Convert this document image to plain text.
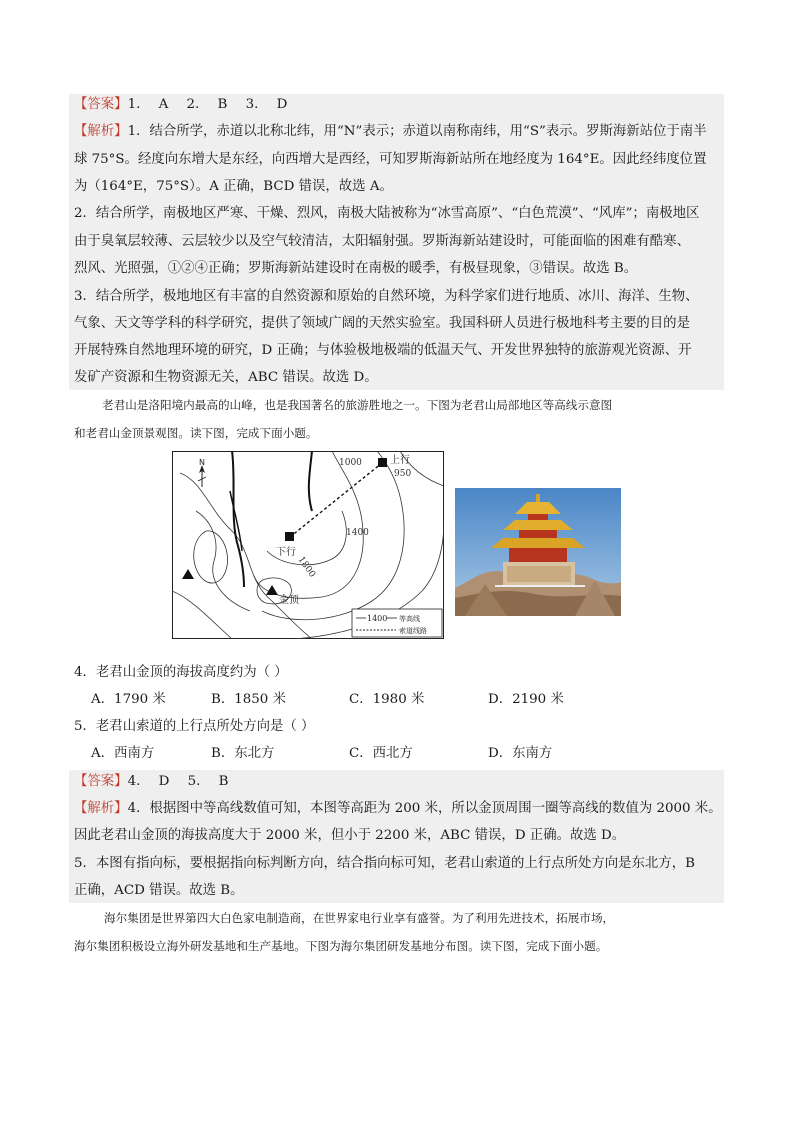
【答案】1. A 2. B 3. D
【解析】1．结合所学，赤道以北称北纬，用“N”表示；赤道以南称南纬，用“S”表示。罗斯海新站位于南半
球 75°S。经度向东增大是东经，向西增大是西经，可知罗斯海新站所在地经度为 164°E。因此经纬度位置
为（164°E，75°S）。A 正确，BCD 错误，故选 A。
2．结合所学，南极地区严寒、干燥、烈风，南极大陆被称为“冰雪高原”、“白色荒漠”、“风库”；南极地区
由于臭氧层较薄、云层较少以及空气较清洁，太阳辐射强。罗斯海新站建设时，可能面临的困难有酷寒、
烈风、光照强，①②④正确；罗斯海新站建设时在南极的暖季，有极昼现象，③错误。故选 B。
3．结合所学，极地地区有丰富的自然资源和原始的自然环境，为科学家们进行地质、冰川、海洋、生物、
气象、天文等学科的科学研究，提供了领域广阔的天然实验室。我国科研人员进行极地科考主要的目的是
开展特殊自然地理环境的研究，D 正确；与体验极地极端的低温天气、开发世界独特的旅游观光资源、开
发矿产资源和生物资源无关，ABC 错误。故选 D。
老君山是洛阳境内最高的山峰，也是我国著名的旅游胜地之一。下图为老君山局部地区等高线示意图
和老君山金顶景观图。读下图，完成下面小题。
N	1000	上行
950
1400
下行
1800
金顶
1400 等高线
索道线路
4．老君山金顶的海拔高度约为（ ）
A．1790 米	B．1850 米	C．1980 米	D．2190 米
5．老君山索道的上行点所处方向是（ ）
A．西南方	B．东北方	C．西北方	D．东南方
【答案】4. D 5. B
【解析】4．根据图中等高线数值可知，本图等高距为 200 米，所以金顶周围一圈等高线的数值为 2000 米。
因此老君山金顶的海拔高度大于 2000 米，但小于 2200 米，ABC 错误，D 正确。故选 D。
5．本图有指向标，要根据指向标判断方向，结合指向标可知，老君山索道的上行点所处方向是东北方，B
正确，ACD 错误。故选 B。
海尔集团是世界第四大白色家电制造商，在世界家电行业享有盛誉。为了利用先进技术，拓展市场，
海尔集团积极设立海外研发基地和生产基地。下图为海尔集团研发基地分布图。读下图，完成下面小题。
